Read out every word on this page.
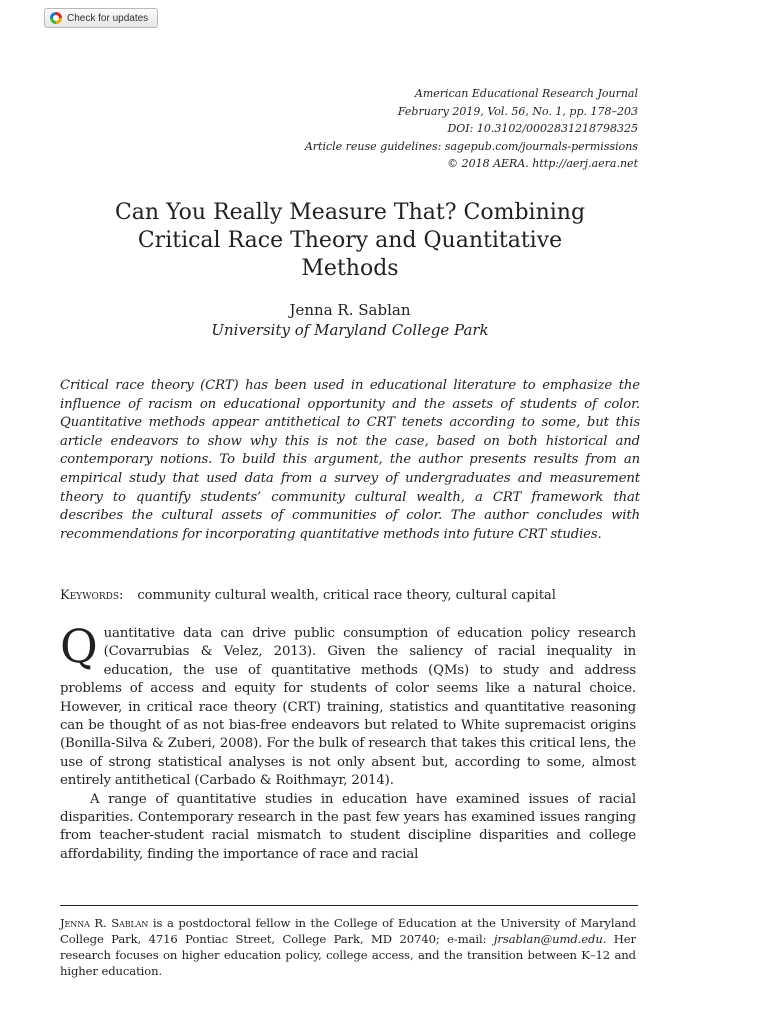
Check for updates
American Educational Research Journal
February 2019, Vol. 56, No. 1, pp. 178–203
DOI: 10.3102/0002831218798325
Article reuse guidelines: sagepub.com/journals-permissions
© 2018 AERA. http://aerj.aera.net
Can You Really Measure That? Combining
Critical Race Theory and Quantitative
Methods
Jenna R. Sablan
University of Maryland College Park
Critical race theory (CRT) has been used in educational literature to emphasize the influence of racism on educational opportunity and the assets of students of color. Quantitative methods appear antithetical to CRT tenets according to some, but this article endeavors to show why this is not the case, based on both historical and contemporary notions. To build this argument, the author presents results from an empirical study that used data from a survey of undergraduates and measurement theory to quantify students’ community cultural wealth, a CRT framework that describes the cultural assets of communities of color. The author concludes with recommendations for incorporating quantitative methods into future CRT studies.
Keywords: community cultural wealth, critical race theory, cultural capital

Quantitative data can drive public consumption of education policy research (Covarrubias & Velez, 2013). Given the saliency of racial inequality in education, the use of quantitative methods (QMs) to study and address problems of access and equity for students of color seems like a natural choice. However, in critical race theory (CRT) training, statistics and quantitative reasoning can be thought of as not bias-free endeavors but related to White supremacist origins (Bonilla-Silva & Zuberi, 2008). For the bulk of research that takes this critical lens, the use of strong statistical analyses is not only absent but, according to some, almost entirely antithetical (Carbado & Roithmayr, 2014).

A range of quantitative studies in education have examined issues of racial disparities. Contemporary research in the past few years has examined issues ranging from teacher-student racial mismatch to student discipline disparities and college affordability, finding the importance of race and racial

Jenna R. Sablan is a postdoctoral fellow in the College of Education at the University of Maryland College Park, 4716 Pontiac Street, College Park, MD 20740; e-mail: jrsablan@umd.edu. Her research focuses on higher education policy, college access, and the transition between K–12 and higher education.
